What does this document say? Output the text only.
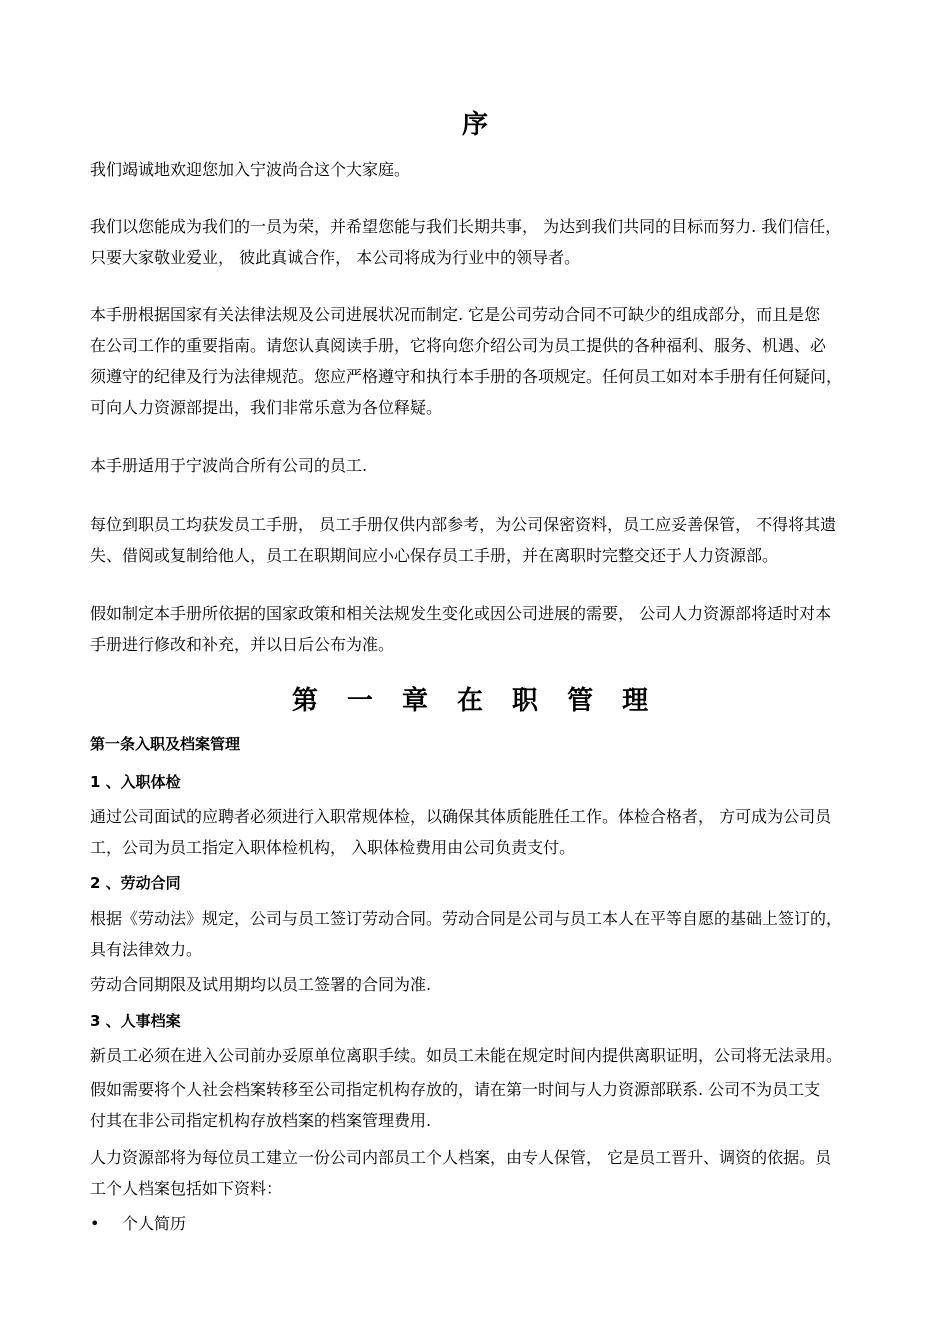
序

我们竭诚地欢迎您加入宁波尚合这个大家庭。

我们以您能成为我们的一员为荣，并希望您能与我们长期共事， 为达到我们共同的目标而努力. 我们信任，
只要大家敬业爱业， 彼此真诚合作， 本公司将成为行业中的领导者。

本手册根据国家有关法律法规及公司进展状况而制定. 它是公司劳动合同不可缺少的组成部分，而且是您
在公司工作的重要指南。请您认真阅读手册，它将向您介绍公司为员工提供的各种福利、服务、机遇、必
须遵守的纪律及行为法律规范。您应严格遵守和执行本手册的各项规定。任何员工如对本手册有任何疑问，
可向人力资源部提出，我们非常乐意为各位释疑。

本手册适用于宁波尚合所有公司的员工.

每位到职员工均获发员工手册， 员工手册仅供内部参考，为公司保密资料，员工应妥善保管， 不得将其遗
失、借阅或复制给他人，员工在职期间应小心保存员工手册，并在离职时完整交还于人力资源部。

假如制定本手册所依据的国家政策和相关法规发生变化或因公司进展的需要， 公司人力资源部将适时对本
手册进行修改和补充，并以日后公布为准。

第 一 章 在 职 管 理
第一条入职及档案管理
1 、入职体检

通过公司面试的应聘者必须进行入职常规体检，以确保其体质能胜任工作。体检合格者， 方可成为公司员
工，公司为员工指定入职体检机构， 入职体检费用由公司负责支付。

2 、劳动合同

根据《劳动法》规定，公司与员工签订劳动合同。劳动合同是公司与员工本人在平等自愿的基础上签订的，
具有法律效力。

劳动合同期限及试用期均以员工签署的合同为准.

3 、人事档案

新员工必须在进入公司前办妥原单位离职手续。如员工未能在规定时间内提供离职证明，公司将无法录用。

假如需要将个人社会档案转移至公司指定机构存放的，请在第一时间与人力资源部联系. 公司不为员工支
付其在非公司指定机构存放档案的档案管理费用.

人力资源部将为每位员工建立一份公司内部员工个人档案，由专人保管， 它是员工晋升、调资的依据。员
工个人档案包括如下资料：

• 个人简历
